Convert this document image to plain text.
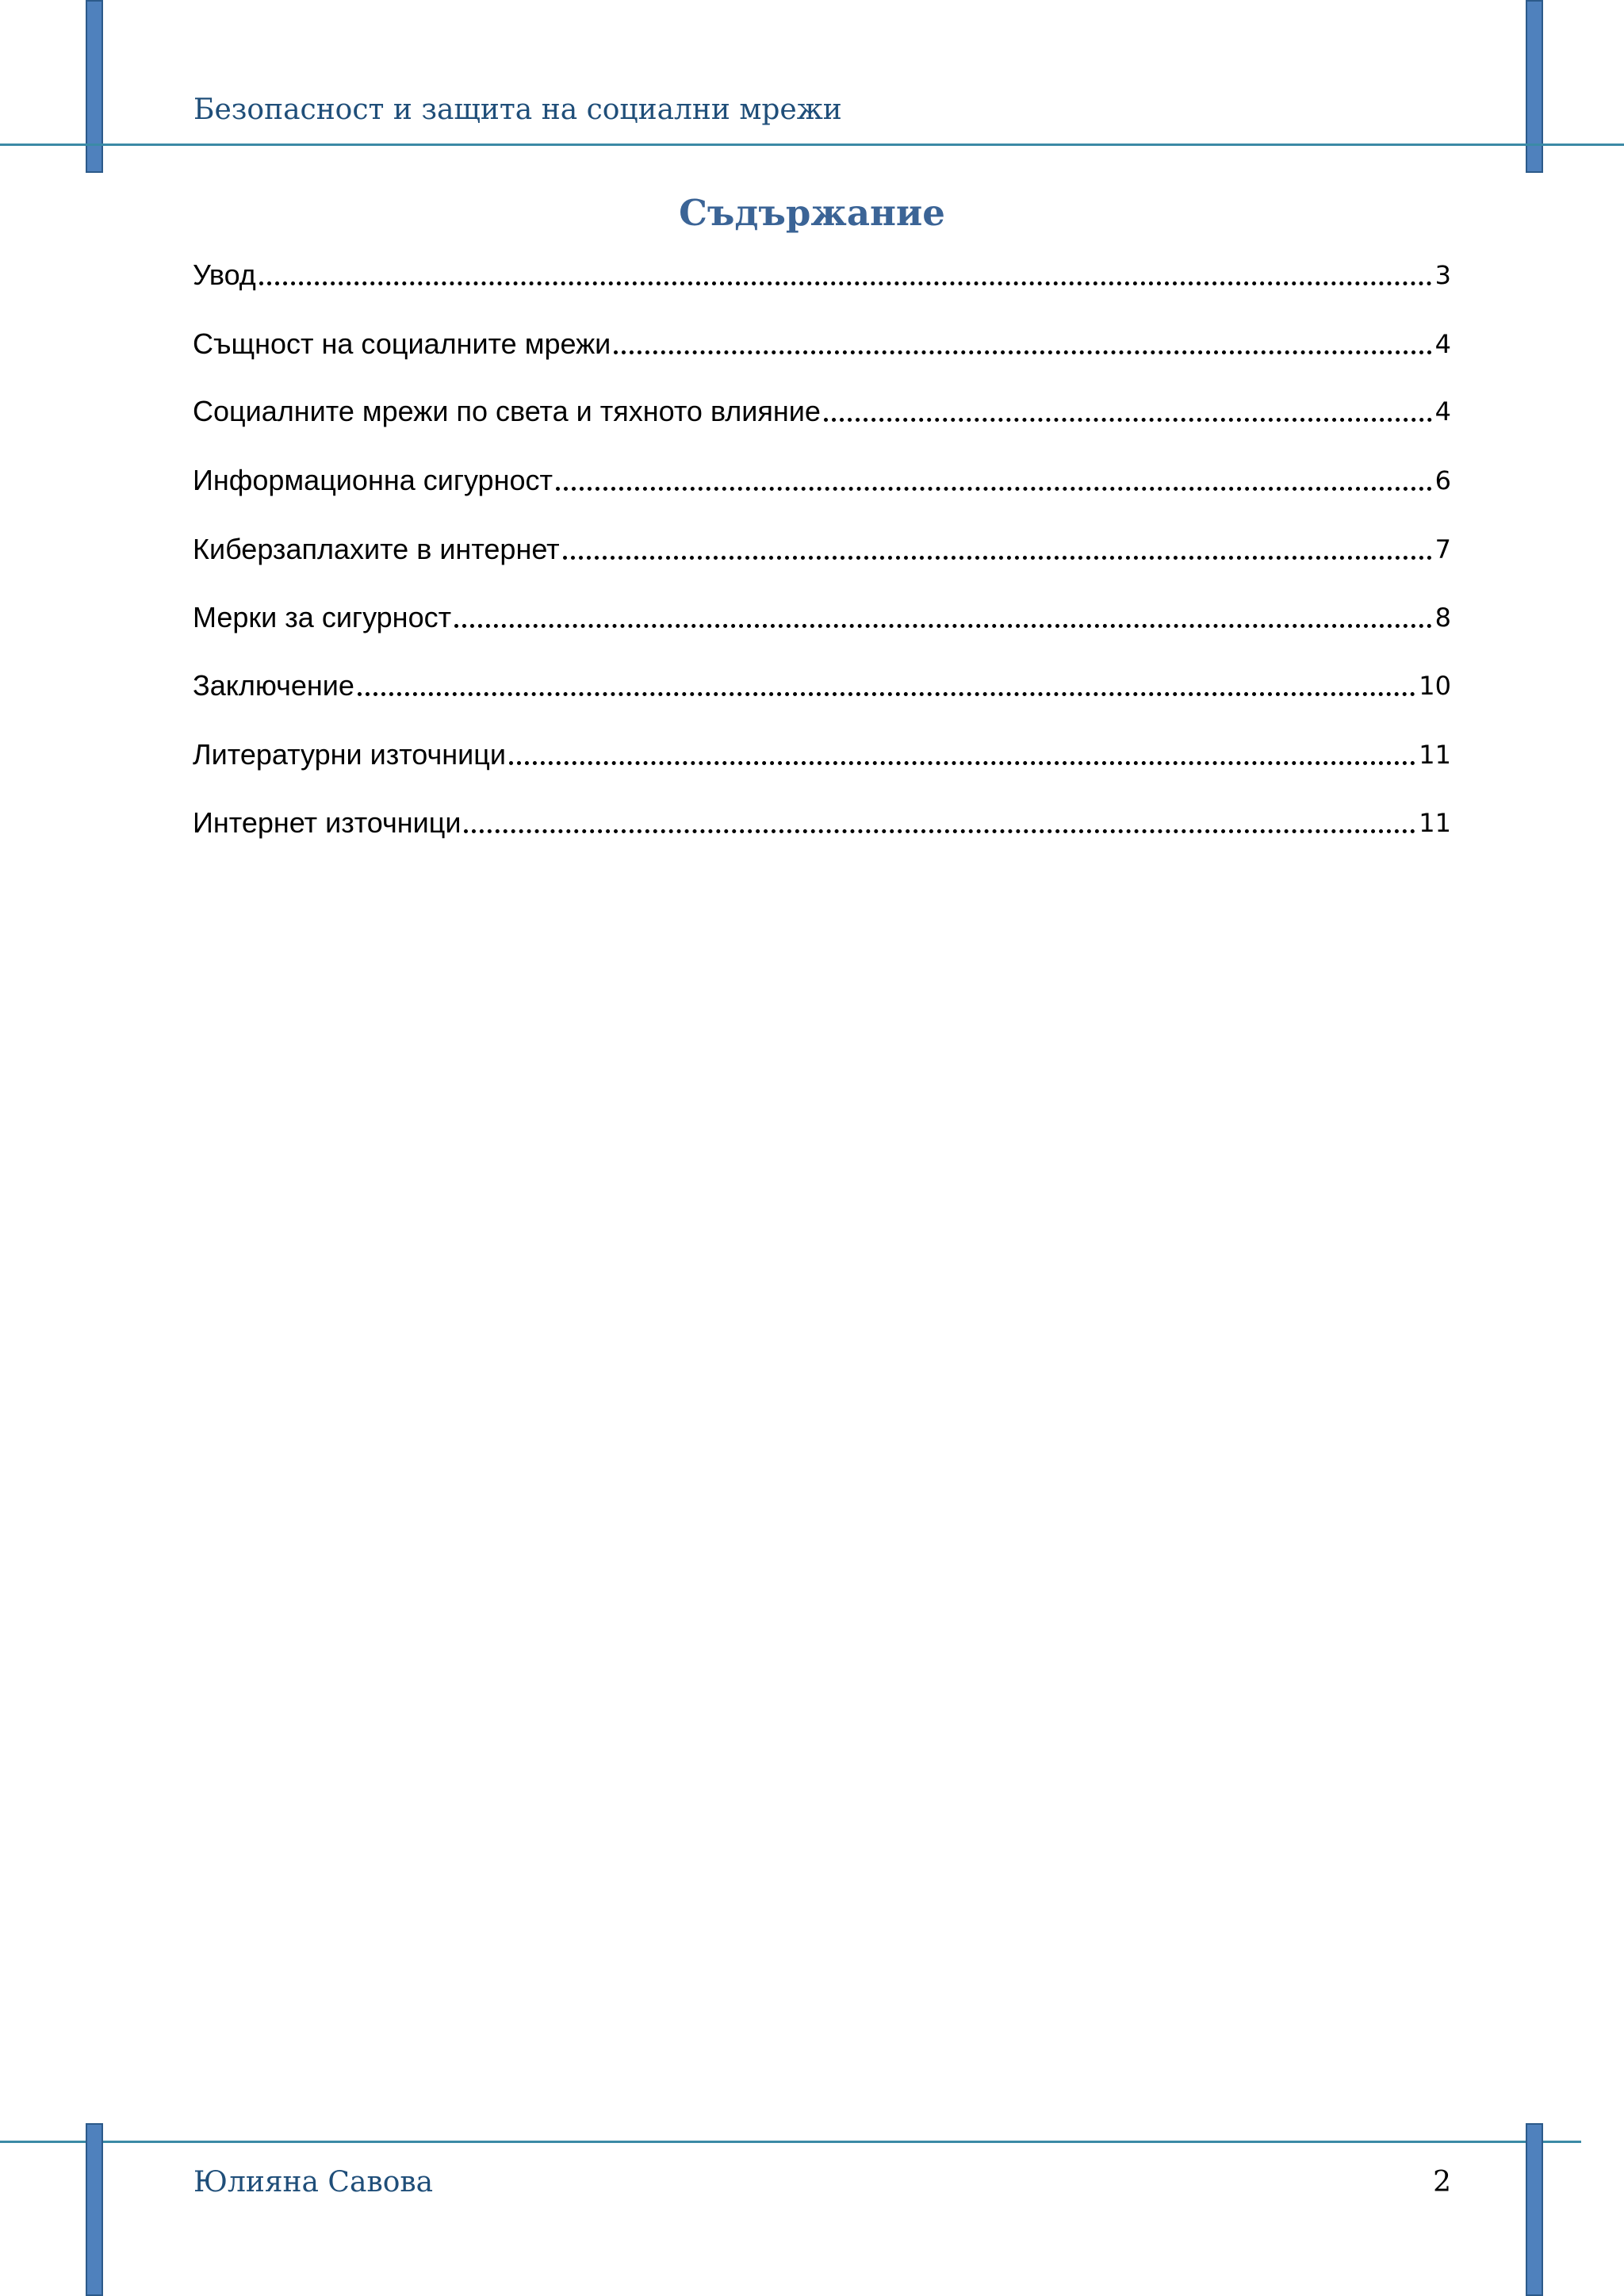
Безопасност и защита на социални мрежи
Съдържание
Увод	3
Същност на социалните мрежи	4
Социалните мрежи по света и тяхното влияние	4
Информационна сигурност	6
Киберзаплахите в интернет	7
Мерки за сигурност	8
Заключение	10
Литературни източници	11
Интернет източници	11
Юлияна Савова	2
